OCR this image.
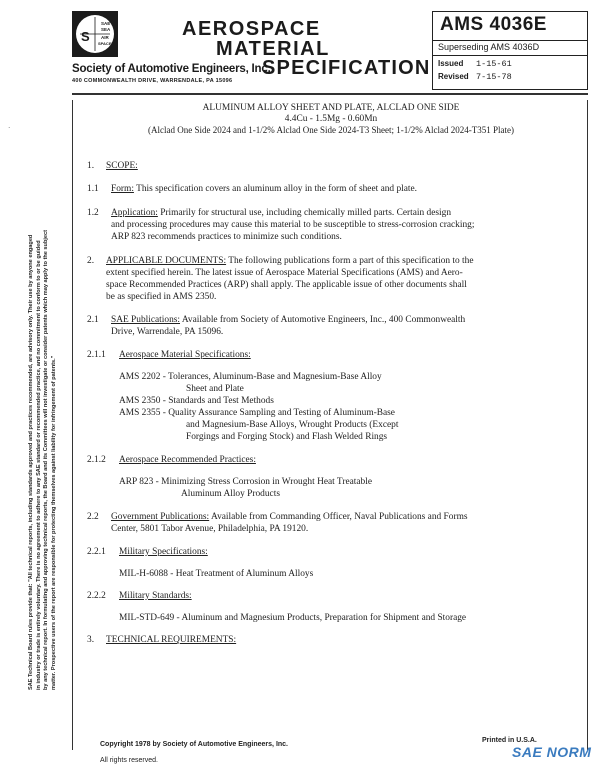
SAE Technical Board rules provide that: "All technical reports, including standards approved and practices recommended, are advisory only. Their use by anyone engaged in industry or trade is entirely voluntary. There is no agreement to adhere to any SAE standard or recommended practice, and no commitment to conform to or be guided by any technical report. In formulating and approving technical reports, the Board and its Committees will not investigate or consider patents which may apply to the subject matter. Prospective users of the report are responsible for protecting themselves against liability for infringement of patents."
SAE
SEA
AIR
SPACE
S	AEROSPACE
MATERIAL
SPECIFICATION
Society of Automotive Engineers, Inc.
400 COMMONWEALTH DRIVE, WARRENDALE, PA 15096
AMS 4036E
Superseding AMS 4036D
Issued 1-15-61
Revised 7-15-78
ALUMINUM ALLOY SHEET AND PLATE, ALCLAD ONE SIDE
4.4Cu - 1.5Mg - 0.60Mn
(Alclad One Side 2024 and 1-1/2% Alclad One Side 2024-T3 Sheet; 1-1/2% Alclad 2024-T351 Plate)
1. SCOPE:
1.1 Form: This specification covers an aluminum alloy in the form of sheet and plate.
1.2 Application: Primarily for structural use, including chemically milled parts. Certain design
and processing procedures may cause this material to be susceptible to stress-corrosion cracking;
ARP 823 recommends practices to minimize such conditions.
2. APPLICABLE DOCUMENTS: The following publications form a part of this specification to the
extent specified herein. The latest issue of Aerospace Material Specifications (AMS) and Aero-
space Recommended Practices (ARP) shall apply. The applicable issue of other documents shall
be as specified in AMS 2350.
2.1 SAE Publications: Available from Society of Automotive Engineers, Inc., 400 Commonwealth
Drive, Warrendale, PA 15096.
2.1.1 Aerospace Material Specifications:
AMS 2202 - Tolerances, Aluminum-Base and Magnesium-Base Alloy
Sheet and Plate
AMS 2350 - Standards and Test Methods
AMS 2355 - Quality Assurance Sampling and Testing of Aluminum-Base
and Magnesium-Base Alloys, Wrought Products (Except
Forgings and Forging Stock) and Flash Welded Rings
2.1.2 Aerospace Recommended Practices:
ARP 823 - Minimizing Stress Corrosion in Wrought Heat Treatable
Aluminum Alloy Products
2.2 Government Publications: Available from Commanding Officer, Naval Publications and Forms
Center, 5801 Tabor Avenue, Philadelphia, PA 19120.
2.2.1 Military Specifications:
MIL-H-6088 - Heat Treatment of Aluminum Alloys
2.2.2 Military Standards:
MIL-STD-649 - Aluminum and Magnesium Products, Preparation for Shipment and Storage
3. TECHNICAL REQUIREMENTS:
·
Copyright 1978 by Society of Automotive Engineers, Inc.
All rights reserved.
Printed in U.S.A.
SAE NORM
